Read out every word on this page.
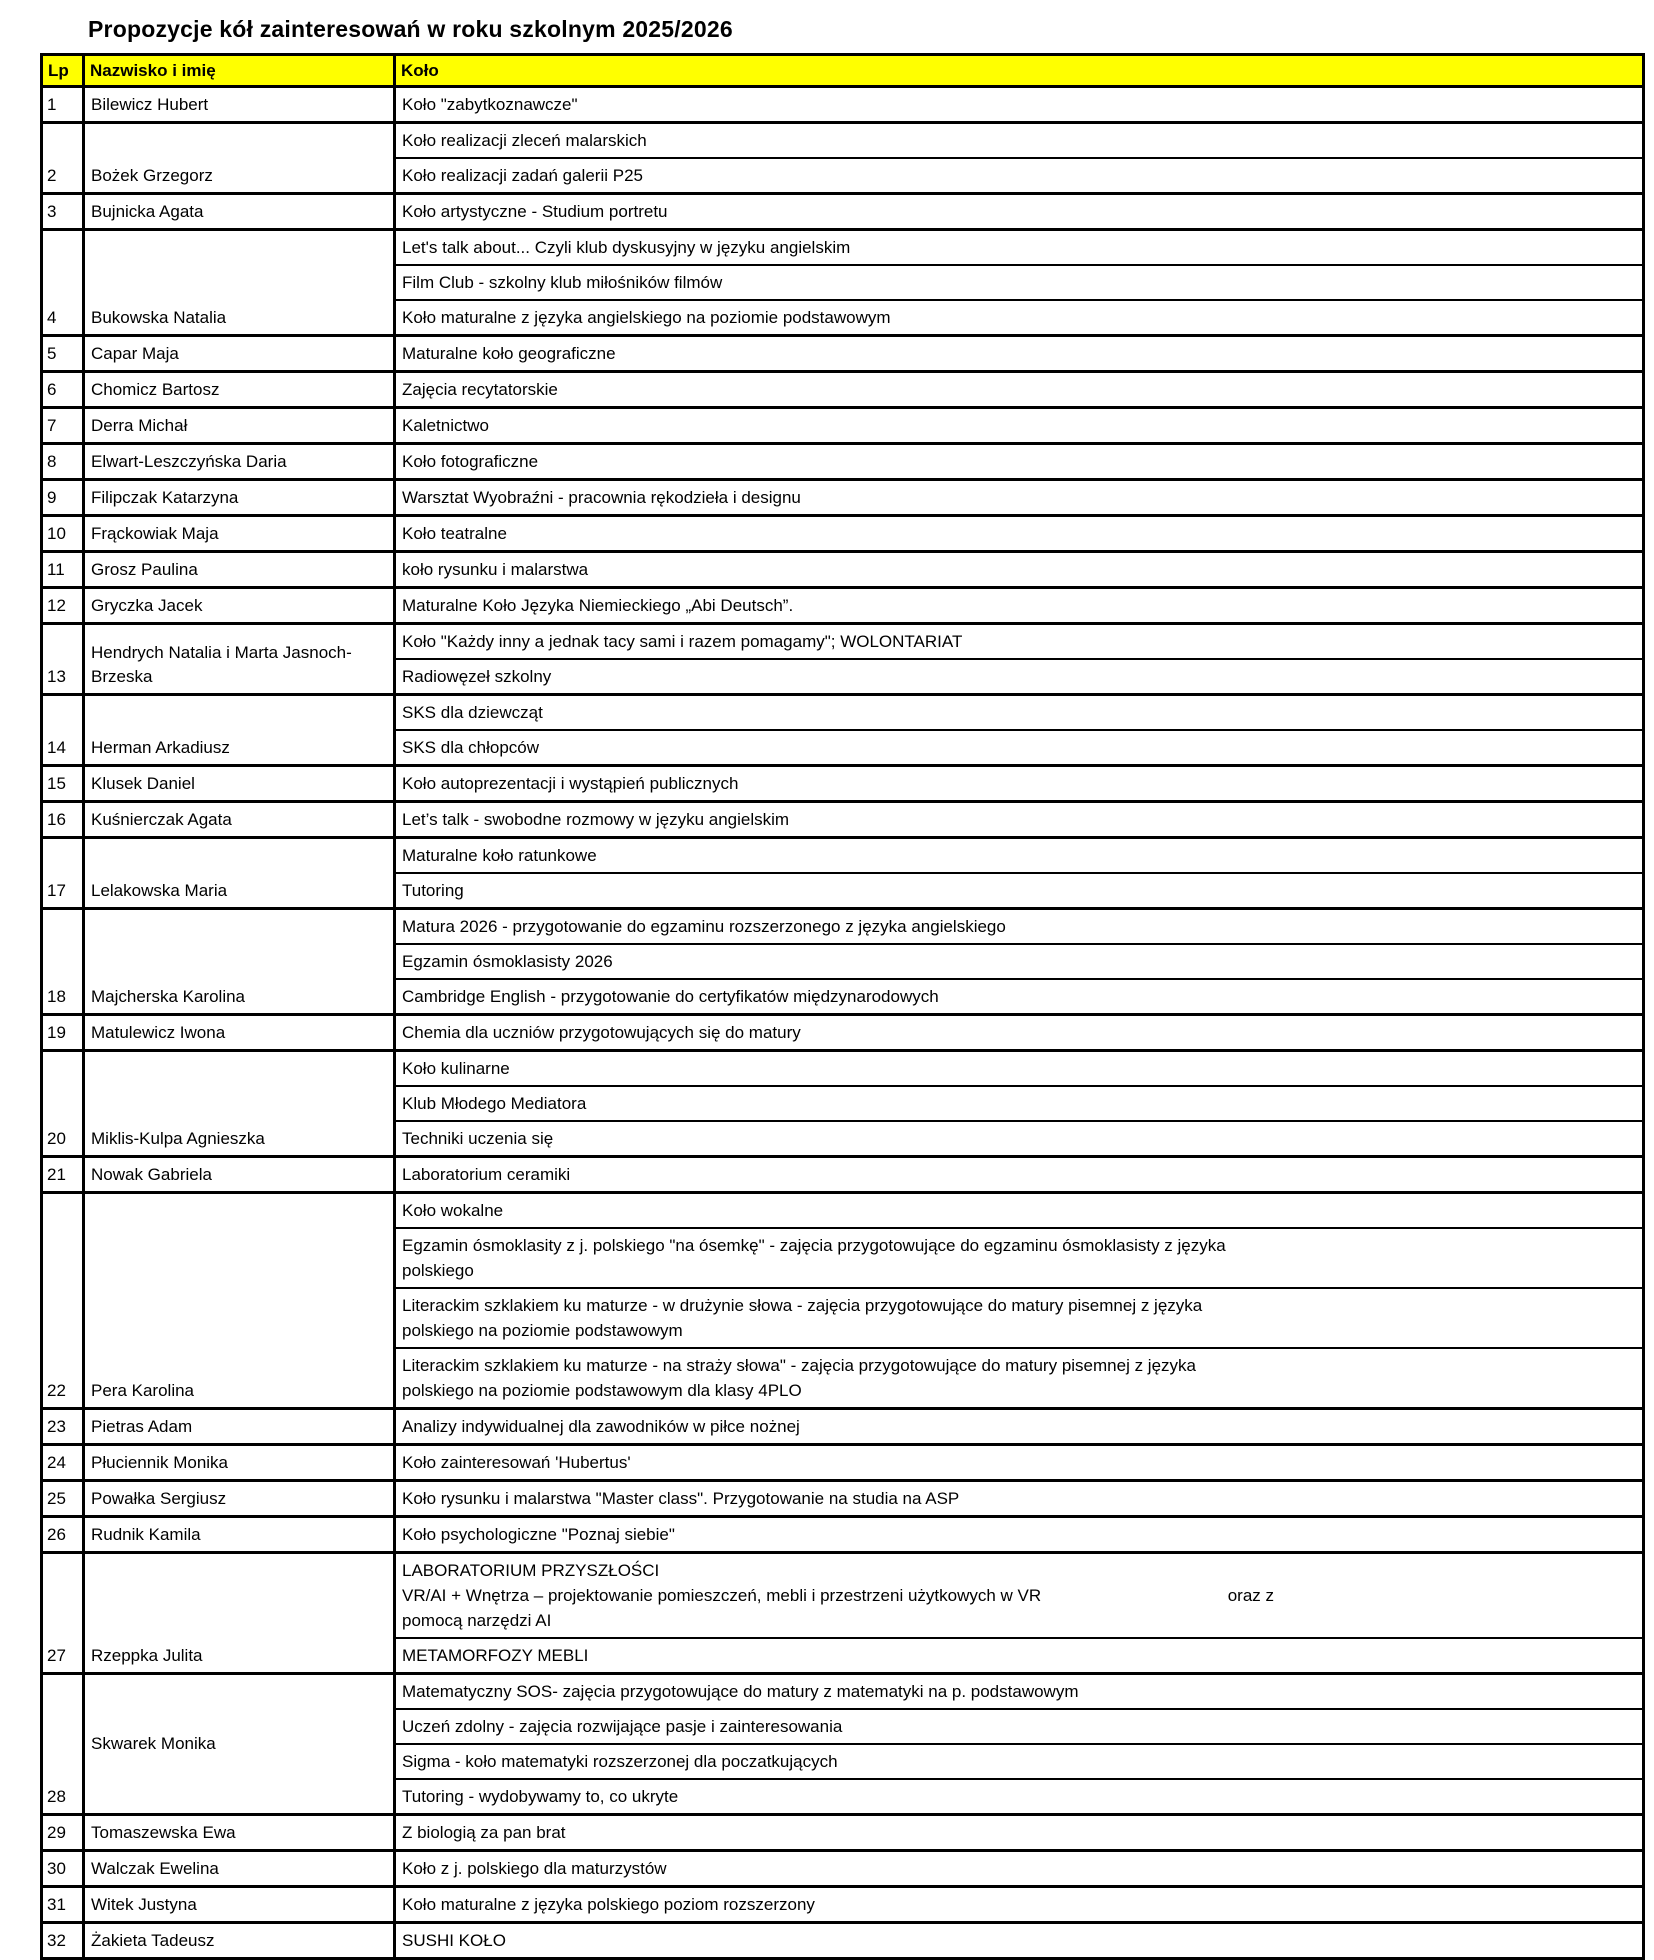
Propozycje kół zainteresowań w roku szkolnym 2025/2026
Lp	Nazwisko i imię	Koło
1	Bilewicz Hubert	Koło "zabytkoznawcze"

2	Bożek Grzegorz	Koło realizacji zleceń malarskich

		Koło realizacji zadań galerii P25

3	Bujnicka Agata	Koło artystyczne - Studium portretu

4	Bukowska Natalia	Let's talk about... Czyli klub dyskusyjny w języku angielskim

		Film Club - szkolny klub miłośników filmów

		Koło maturalne z języka angielskiego na poziomie podstawowym

5	Capar Maja	Maturalne koło geograficzne

6	Chomicz Bartosz	Zajęcia recytatorskie

7	Derra Michał	Kaletnictwo

8	Elwart-Leszczyńska Daria	Koło fotograficzne

9	Filipczak Katarzyna	Warsztat Wyobraźni - pracownia rękodzieła i designu

10	Frąckowiak Maja	Koło teatralne

11	Grosz Paulina	koło rysunku i malarstwa

12	Gryczka Jacek	Maturalne Koło Języka Niemieckiego „Abi Deutsch”.

13	Hendrych Natalia i Marta Jasnoch-Brzeska	Koło "Każdy inny a jednak tacy sami i razem pomagamy"; WOLONTARIAT

		Radiowęzeł szkolny

14	Herman Arkadiusz	SKS dla dziewcząt

		SKS dla chłopców

15	Klusek Daniel	Koło autoprezentacji i wystąpień publicznych

16	Kuśnierczak Agata	Let’s talk - swobodne rozmowy w języku angielskim

17	Lelakowska Maria	Maturalne koło ratunkowe

		Tutoring

18	Majcherska Karolina	Matura 2026 - przygotowanie do egzaminu rozszerzonego z języka angielskiego

		Egzamin ósmoklasisty 2026

		Cambridge English - przygotowanie do certyfikatów międzynarodowych

19	Matulewicz Iwona	Chemia dla uczniów przygotowujących się do matury

20	Miklis-Kulpa Agnieszka	Koło kulinarne

		Klub Młodego Mediatora

		Techniki uczenia się

21	Nowak Gabriela	Laboratorium ceramiki

22	Pera Karolina	Koło wokalne

		Egzamin ósmoklasity z j. polskiego "na ósemkę" - zajęcia przygotowujące do egzaminu ósmoklasisty z języka
polskiego

		Literackim szklakiem ku maturze - w drużynie słowa - zajęcia przygotowujące do matury pisemnej z języka
polskiego na poziomie podstawowym

		Literackim szklakiem ku maturze - na straży słowa" - zajęcia przygotowujące do matury pisemnej z języka
polskiego na poziomie podstawowym dla klasy 4PLO

23	Pietras Adam	Analizy indywidualnej dla zawodników w piłce nożnej

24	Płuciennik Monika	Koło zainteresowań 'Hubertus'

25	Powałka Sergiusz	Koło rysunku i malarstwa "Master class". Przygotowanie na studia na ASP

26	Rudnik Kamila	Koło psychologiczne "Poznaj siebie"

27	Rzeppka Julita	LABORATORIUM PRZYSZŁOŚCI
VR/AI + Wnętrza – projektowanie pomieszczeń, mebli i przestrzeni użytkowych w VR oraz z
pomocą narzędzi AI

		METAMORFOZY MEBLI

28	Skwarek Monika	Matematyczny SOS- zajęcia przygotowujące do matury z matematyki na p. podstawowym

		Uczeń zdolny - zajęcia rozwijające pasje i zainteresowania

		Sigma - koło matematyki rozszerzonej dla poczatkujących

		Tutoring - wydobywamy to, co ukryte

29	Tomaszewska Ewa	Z biologią za pan brat

30	Walczak Ewelina	Koło z j. polskiego dla maturzystów

31	Witek Justyna	Koło maturalne z języka polskiego poziom rozszerzony

32	Żakieta Tadeusz	SUSHI KOŁO
